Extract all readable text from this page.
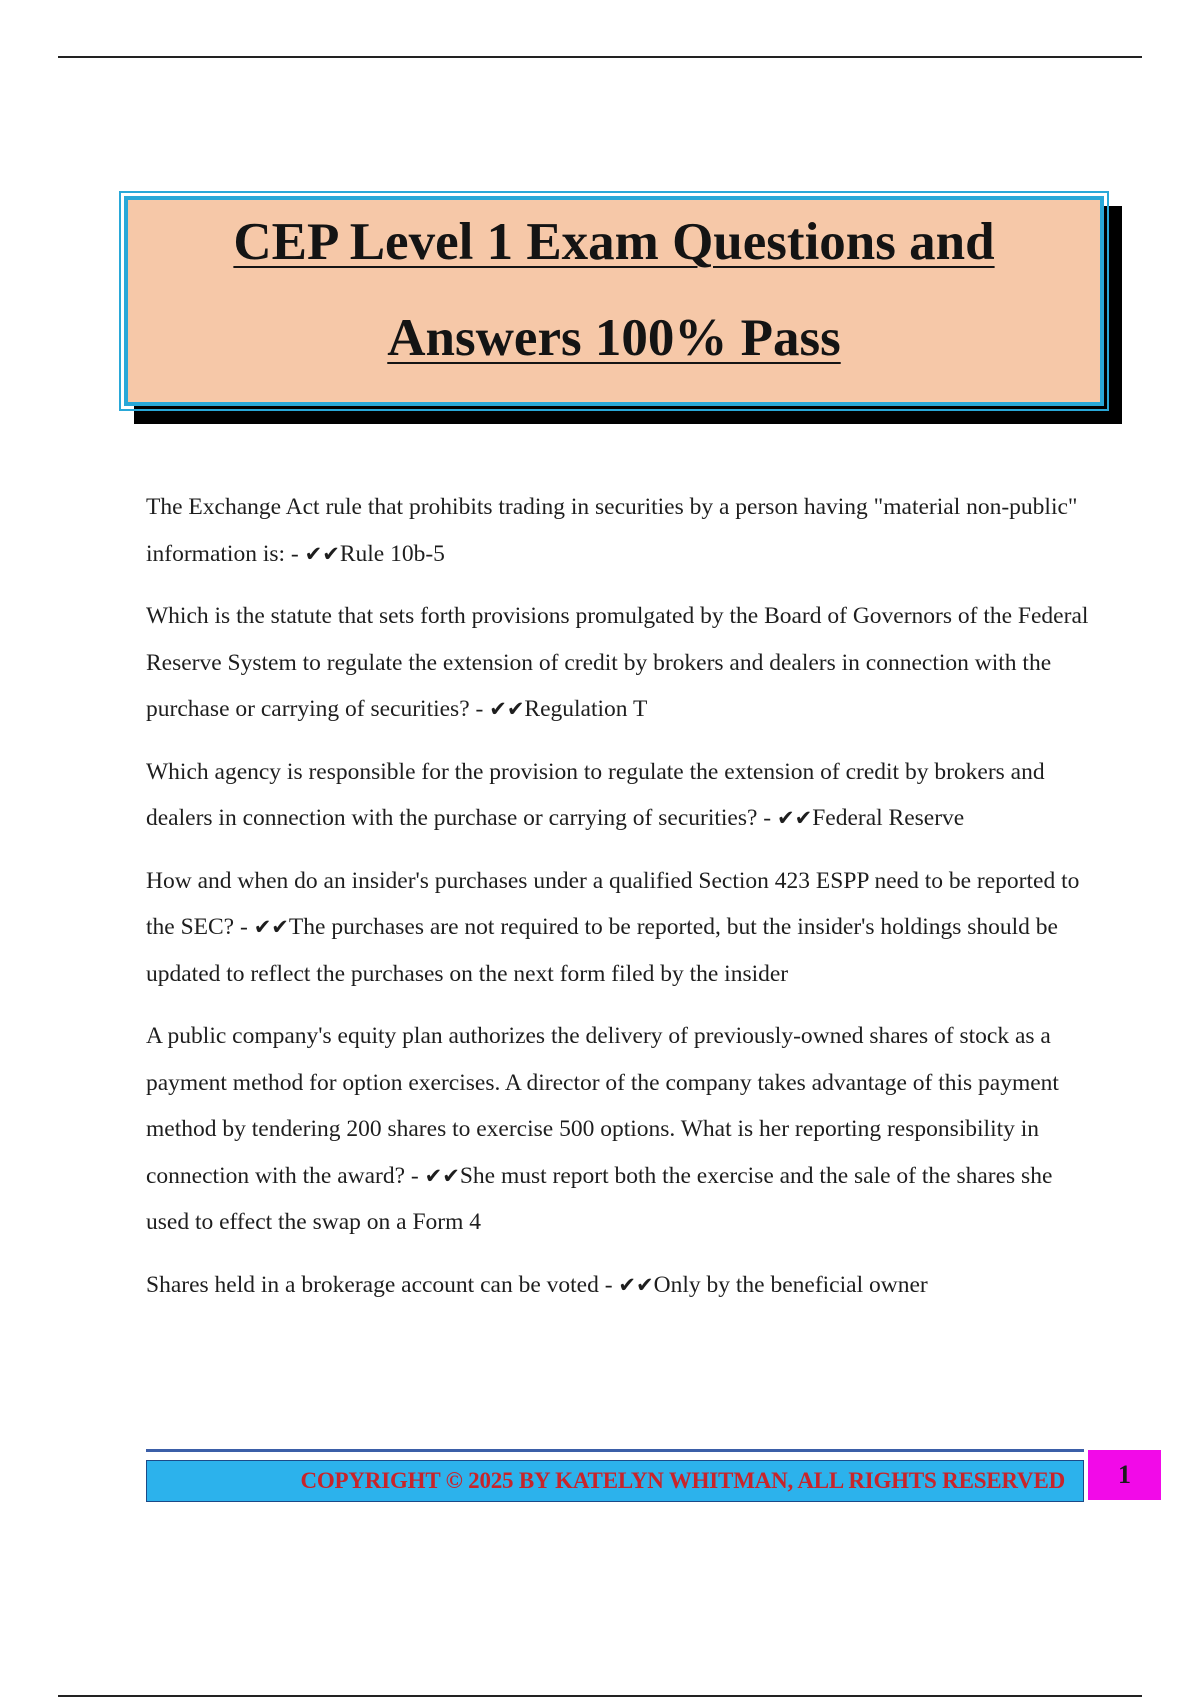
CEP Level 1 Exam Questions and
Answers 100% Pass

The Exchange Act rule that prohibits trading in securities by a person having "material non-public" information is: - ✔✔Rule 10b-5

Which is the statute that sets forth provisions promulgated by the Board of Governors of the Federal Reserve System to regulate the extension of credit by brokers and dealers in connection with the purchase or carrying of securities? - ✔✔Regulation T

Which agency is responsible for the provision to regulate the extension of credit by brokers and dealers in connection with the purchase or carrying of securities? - ✔✔Federal Reserve

How and when do an insider's purchases under a qualified Section 423 ESPP need to be reported to the SEC? - ✔✔The purchases are not required to be reported, but the insider's holdings should be updated to reflect the purchases on the next form filed by the insider

A public company's equity plan authorizes the delivery of previously-owned shares of stock as a payment method for option exercises. A director of the company takes advantage of this payment method by tendering 200 shares to exercise 500 options. What is her reporting responsibility in connection with the award? - ✔✔She must report both the exercise and the sale of the shares she used to effect the swap on a Form 4

Shares held in a brokerage account can be voted - ✔✔Only by the beneficial owner

COPYRIGHT © 2025 BY KATELYN WHITMAN, ALL RIGHTS RESERVED	1
